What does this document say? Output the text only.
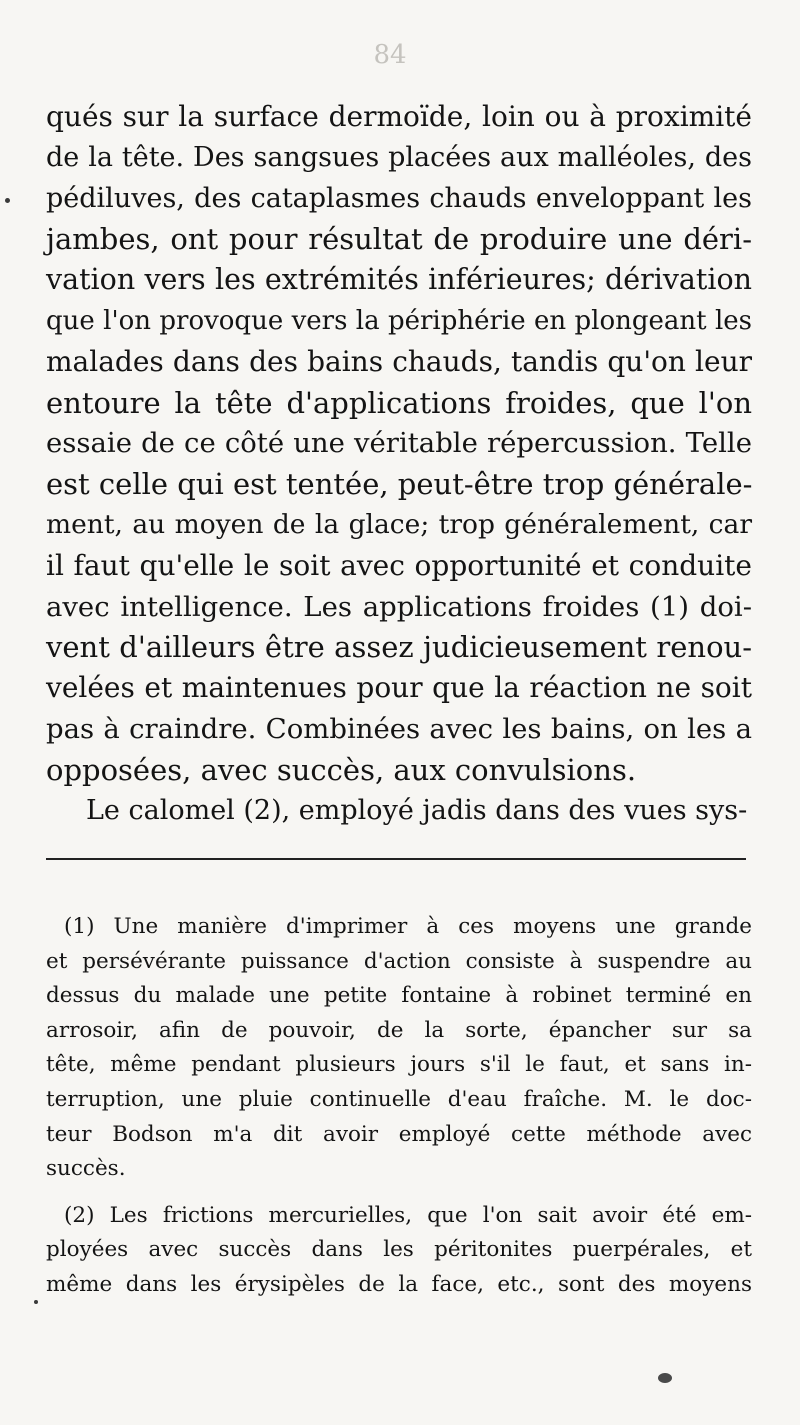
84
qués sur la surface dermoïde, loin ou à proximité
de la tête. Des sangsues placées aux malléoles, des
pédiluves, des cataplasmes chauds enveloppant les
jambes, ont pour résultat de produire une déri-
vation vers les extrémités inférieures; dérivation
que l'on provoque vers la périphérie en plongeant les
malades dans des bains chauds, tandis qu'on leur
entoure la tête d'applications froides, que l'on
essaie de ce côté une véritable répercussion. Telle
est celle qui est tentée, peut-être trop générale-
ment, au moyen de la glace; trop généralement, car
il faut qu'elle le soit avec opportunité et conduite
avec intelligence. Les applications froides (1) doi-
vent d'ailleurs être assez judicieusement renou-
velées et maintenues pour que la réaction ne soit
pas à craindre. Combinées avec les bains, on les a
opposées, avec succès, aux convulsions.
Le calomel (2), employé jadis dans des vues sys-
(1) Une manière d'imprimer à ces moyens une grande
et persévérante puissance d'action consiste à suspendre au
dessus du malade une petite fontaine à robinet terminé en
arrosoir, afin de pouvoir, de la sorte, épancher sur sa
tête, même pendant plusieurs jours s'il le faut, et sans in-
terruption, une pluie continuelle d'eau fraîche. M. le doc-
teur Bodson m'a dit avoir employé cette méthode avec
succès.
(2) Les frictions mercurielles, que l'on sait avoir été em-
ployées avec succès dans les péritonites puerpérales, et
même dans les érysipèles de la face, etc., sont des moyens
